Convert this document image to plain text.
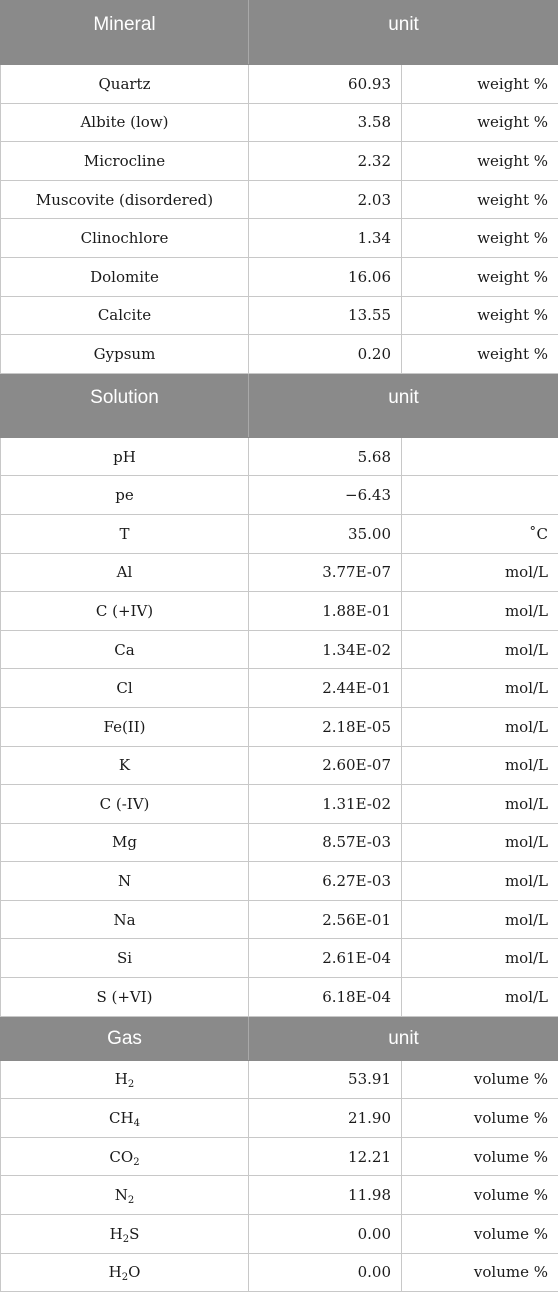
Mineral	unit	
Quartz	60.93	weight %
Albite (low)	3.58	weight %
Microcline	2.32	weight %
Muscovite (disordered)	2.03	weight %
Clinochlore	1.34	weight %
Dolomite	16.06	weight %
Calcite	13.55	weight %
Gypsum	0.20	weight %
Solution	unit	
pH	5.68	
pe	−6.43	
T	35.00	˚C
Al	3.77E-07	mol/L
C (+IV)	1.88E-01	mol/L
Ca	1.34E-02	mol/L
Cl	2.44E-01	mol/L
Fe(II)	2.18E-05	mol/L
K	2.60E-07	mol/L
C (-IV)	1.31E-02	mol/L
Mg	8.57E-03	mol/L
N	6.27E-03	mol/L
Na	2.56E-01	mol/L
Si	2.61E-04	mol/L
S (+VI)	6.18E-04	mol/L
Gas	unit	
$H_2$	53.91	volume %
$CH_4$	21.90	volume %
$CO_2$	12.21	volume %
$N_2$	11.98	volume %
$H_2S$	0.00	volume %
$H_2O$	0.00	volume %
